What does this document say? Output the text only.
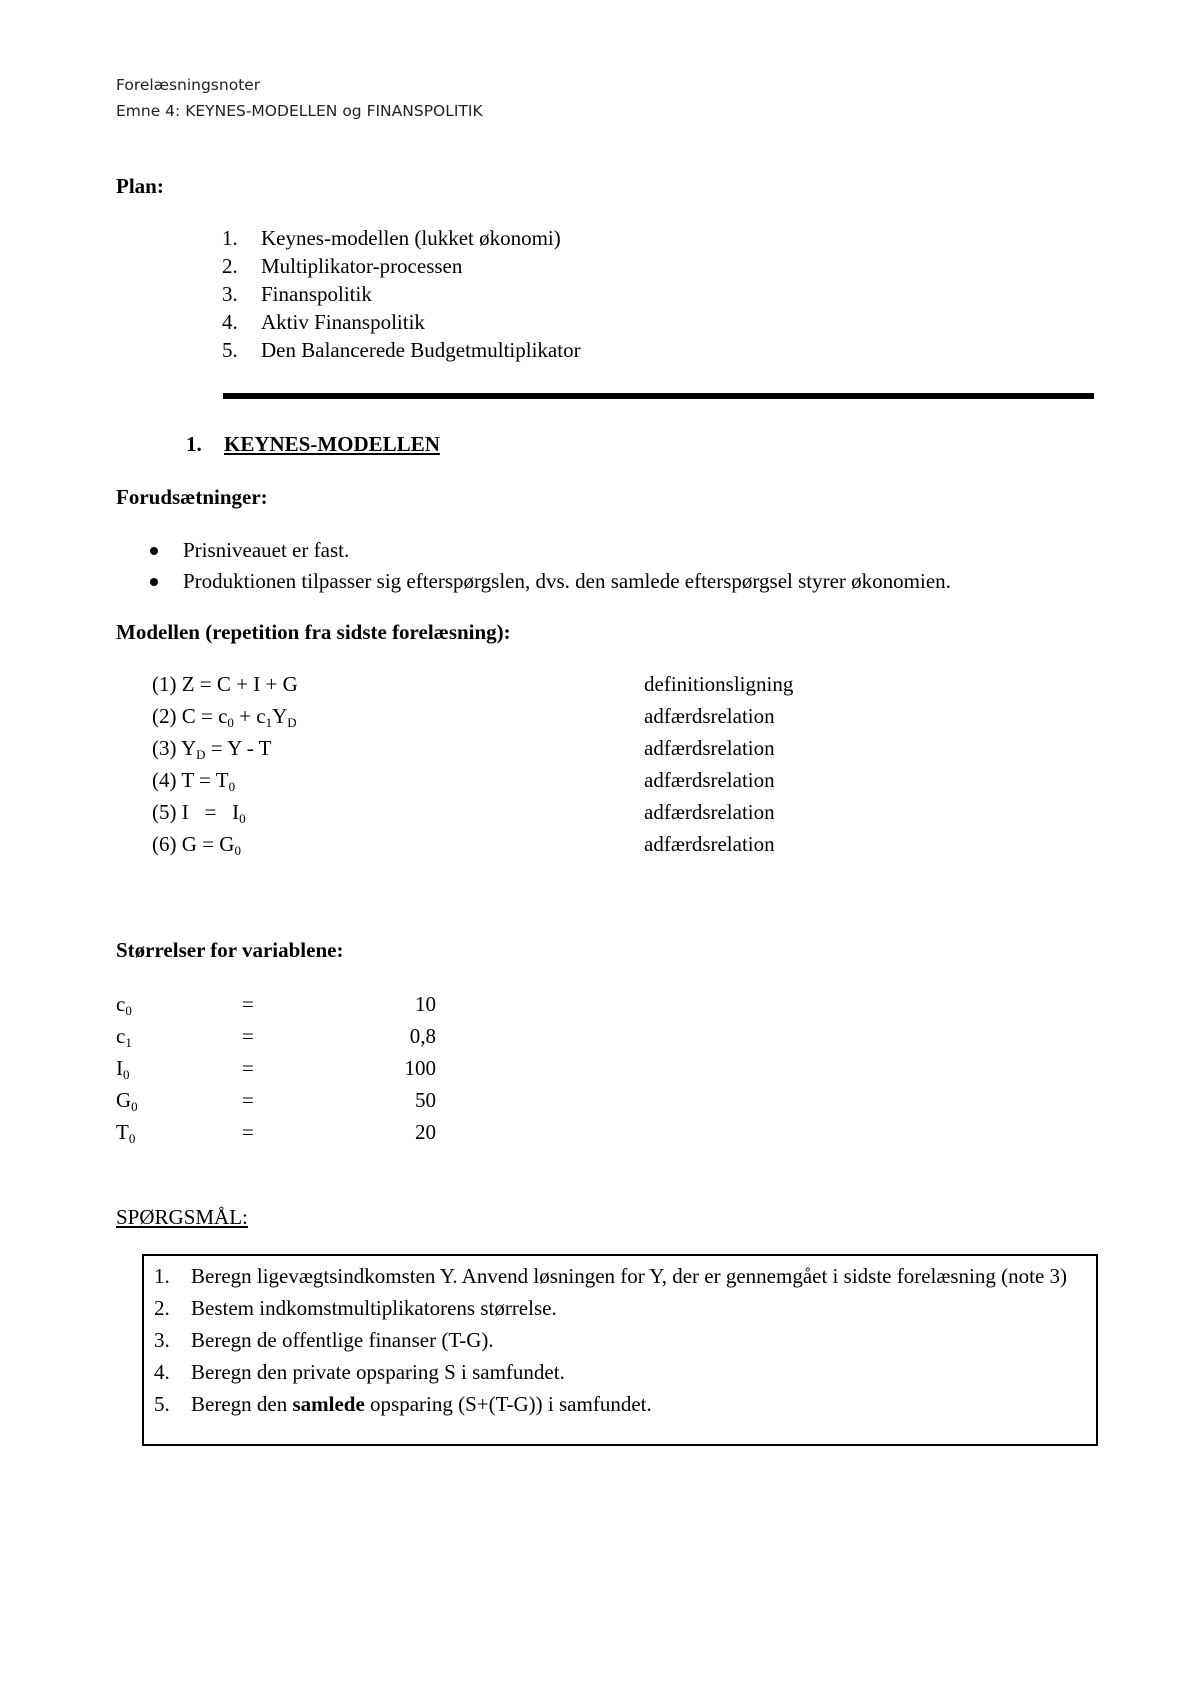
Forelæsningsnoter
Emne 4: KEYNES-MODELLEN og FINANSPOLITIK
Plan:
1. Keynes-modellen (lukket økonomi)
2. Multiplikator-processen
3. Finanspolitik
4. Aktiv Finanspolitik
5. Den Balancerede Budgetmultiplikator
1. KEYNES-MODELLEN
Forudsætninger:
Prisniveauet er fast.
Produktionen tilpasser sig efterspørgslen, dvs. den samlede efterspørgsel styrer økonomien.
Modellen (repetition fra sidste forelæsning):
(1) Z = C + I + G	definitionsligning
(2) $C = c_0 + c_1Y_D$	adfærdsrelation
(3) $Y_D = Y - T$	adfærdsrelation
(4) $T = T_0$	adfærdsrelation
(5) $I = I_0$	adfærdsrelation
(6) $G = G_0$	adfærdsrelation
Størrelser for variablene:
$c_0$	=	10
$c_1$	=	0,8
$I_0$	=	100
$G_0$	=	50
$T_0$	=	20
SPØRGSMÅL:
1. Beregn ligevægtsindkomsten Y. Anvend løsningen for Y, der er gennemgået i sidste forelæsning (note 3)
2. Bestem indkomstmultiplikatorens størrelse.
3. Beregn de offentlige finanser (T-G).
4. Beregn den private opsparing S i samfundet.
5. Beregn den samlede opsparing (S+(T-G)) i samfundet.
